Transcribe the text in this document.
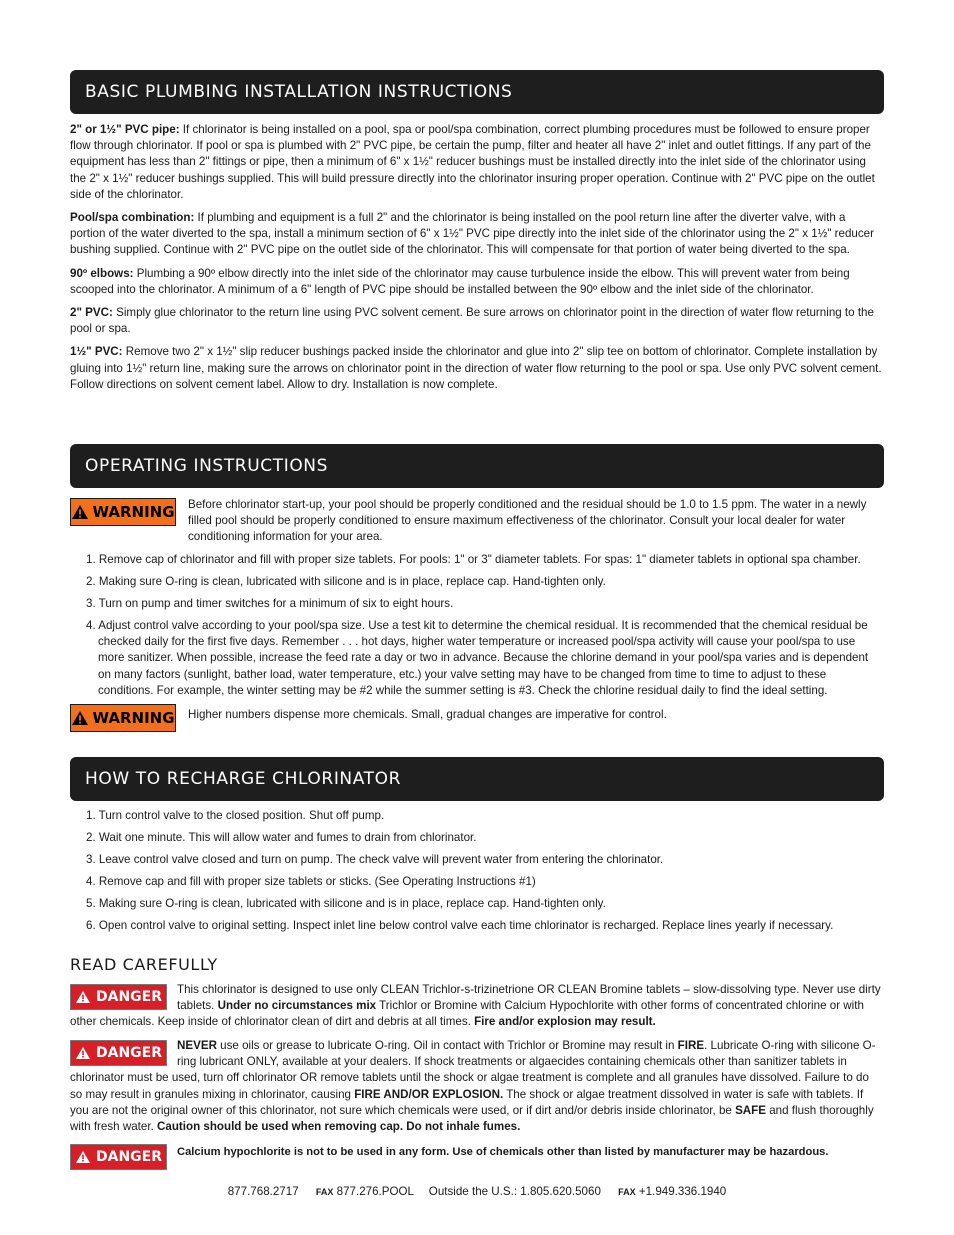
BASIC PLUMBING INSTALLATION INSTRUCTIONS

2" or 1½" PVC pipe: If chlorinator is being installed on a pool, spa or pool/spa combination, correct plumbing procedures must be followed to ensure proper flow through chlorinator. If pool or spa is plumbed with 2" PVC pipe, be certain the pump, filter and heater all have 2" inlet and outlet fittings. If any part of the equipment has less than 2" fittings or pipe, then a minimum of 6" x 1½" reducer bushings must be installed directly into the inlet side of the chlorinator using the 2" x 1½" reducer bushings supplied. This will build pressure directly into the chlorinator insuring proper operation. Continue with 2" PVC pipe on the outlet side of the chlorinator.

Pool/spa combination: If plumbing and equipment is a full 2" and the chlorinator is being installed on the pool return line after the diverter valve, with a portion of the water diverted to the spa, install a minimum section of 6" x 1½" PVC pipe directly into the inlet side of the chlorinator using the 2" x 1½" reducer bushing supplied. Continue with 2" PVC pipe on the outlet side of the chlorinator. This will compensate for that portion of water being diverted to the spa.

90º elbows: Plumbing a 90º elbow directly into the inlet side of the chlorinator may cause turbulence inside the elbow. This will prevent water from being scooped into the chlorinator. A minimum of a 6" length of PVC pipe should be installed between the 90º elbow and the inlet side of the chlorinator.

2" PVC: Simply glue chlorinator to the return line using PVC solvent cement. Be sure arrows on chlorinator point in the direction of water flow returning to the pool or spa.

1½" PVC: Remove two 2" x 1½" slip reducer bushings packed inside the chlorinator and glue into 2" slip tee on bottom of chlorinator. Complete installation by gluing into 1½" return line, making sure the arrows on chlorinator point in the direction of water flow returning to the pool or spa. Use only PVC solvent cement. Follow directions on solvent cement label. Allow to dry. Installation is now complete.

OPERATING INSTRUCTIONS
WARNING Before chlorinator start-up, your pool should be properly conditioned and the residual should be 1.0 to 1.5 ppm. The water in a newly filled pool should be properly conditioned to ensure maximum effectiveness of the chlorinator. Consult your local dealer for water conditioning information for your area.
1. Remove cap of chlorinator and fill with proper size tablets. For pools: 1" or 3" diameter tablets. For spas: 1" diameter tablets in optional spa chamber.
2. Making sure O-ring is clean, lubricated with silicone and is in place, replace cap. Hand-tighten only.
3. Turn on pump and timer switches for a minimum of six to eight hours.
4. Adjust control valve according to your pool/spa size. Use a test kit to determine the chemical residual. It is recommended that the chemical residual be checked daily for the first five days. Remember . . . hot days, higher water temperature or increased pool/spa activity will cause your pool/spa to use more sanitizer. When possible, increase the feed rate a day or two in advance. Because the chlorine demand in your pool/spa varies and is dependent on many factors (sunlight, bather load, water temperature, etc.) your valve setting may have to be changed from time to time to adjust to these conditions. For example, the winter setting may be #2 while the summer setting is #3. Check the chlorine residual daily to find the ideal setting.
WARNING Higher numbers dispense more chemicals. Small, gradual changes are imperative for control.
HOW TO RECHARGE CHLORINATOR
1. Turn control valve to the closed position. Shut off pump.
2. Wait one minute. This will allow water and fumes to drain from chlorinator.
3. Leave control valve closed and turn on pump. The check valve will prevent water from entering the chlorinator.
4. Remove cap and fill with proper size tablets or sticks. (See Operating Instructions #1)
5. Making sure O-ring is clean, lubricated with silicone and is in place, replace cap. Hand-tighten only.
6. Open control valve to original setting. Inspect inlet line below control valve each time chlorinator is recharged. Replace lines yearly if necessary.
READ CAREFULLY
DANGER This chlorinator is designed to use only CLEAN Trichlor-s-trizinetrione OR CLEAN Bromine tablets – slow-dissolving type. Never use dirty tablets. Under no circumstances mix Trichlor or Bromine with Calcium Hypochlorite with other forms of concentrated chlorine or with other chemicals. Keep inside of chlorinator clean of dirt and debris at all times. Fire and/or explosion may result.
DANGER NEVER use oils or grease to lubricate O-ring. Oil in contact with Trichlor or Bromine may result in FIRE. Lubricate O-ring with silicone O-ring lubricant ONLY, available at your dealers. If shock treatments or algaecides containing chemicals other than sanitizer tablets in chlorinator must be used, turn off chlorinator OR remove tablets until the shock or algae treatment is complete and all granules have dissolved. Failure to do so may result in granules mixing in chlorinator, causing FIRE AND/OR EXPLOSION. The shock or algae treatment dissolved in water is safe with tablets. If you are not the original owner of this chlorinator, not sure which chemicals were used, or if dirt and/or debris inside chlorinator, be SAFE and flush thoroughly with fresh water. Caution should be used when removing cap. Do not inhale fumes.
DANGER	Calcium hypochlorite is not to be used in any form. Use of chemicals other than listed by manufacturer may be hazardous.
877.768.2717 FAX 877.276.POOL Outside the U.S.: 1.805.620.5060 FAX +1.949.336.1940
